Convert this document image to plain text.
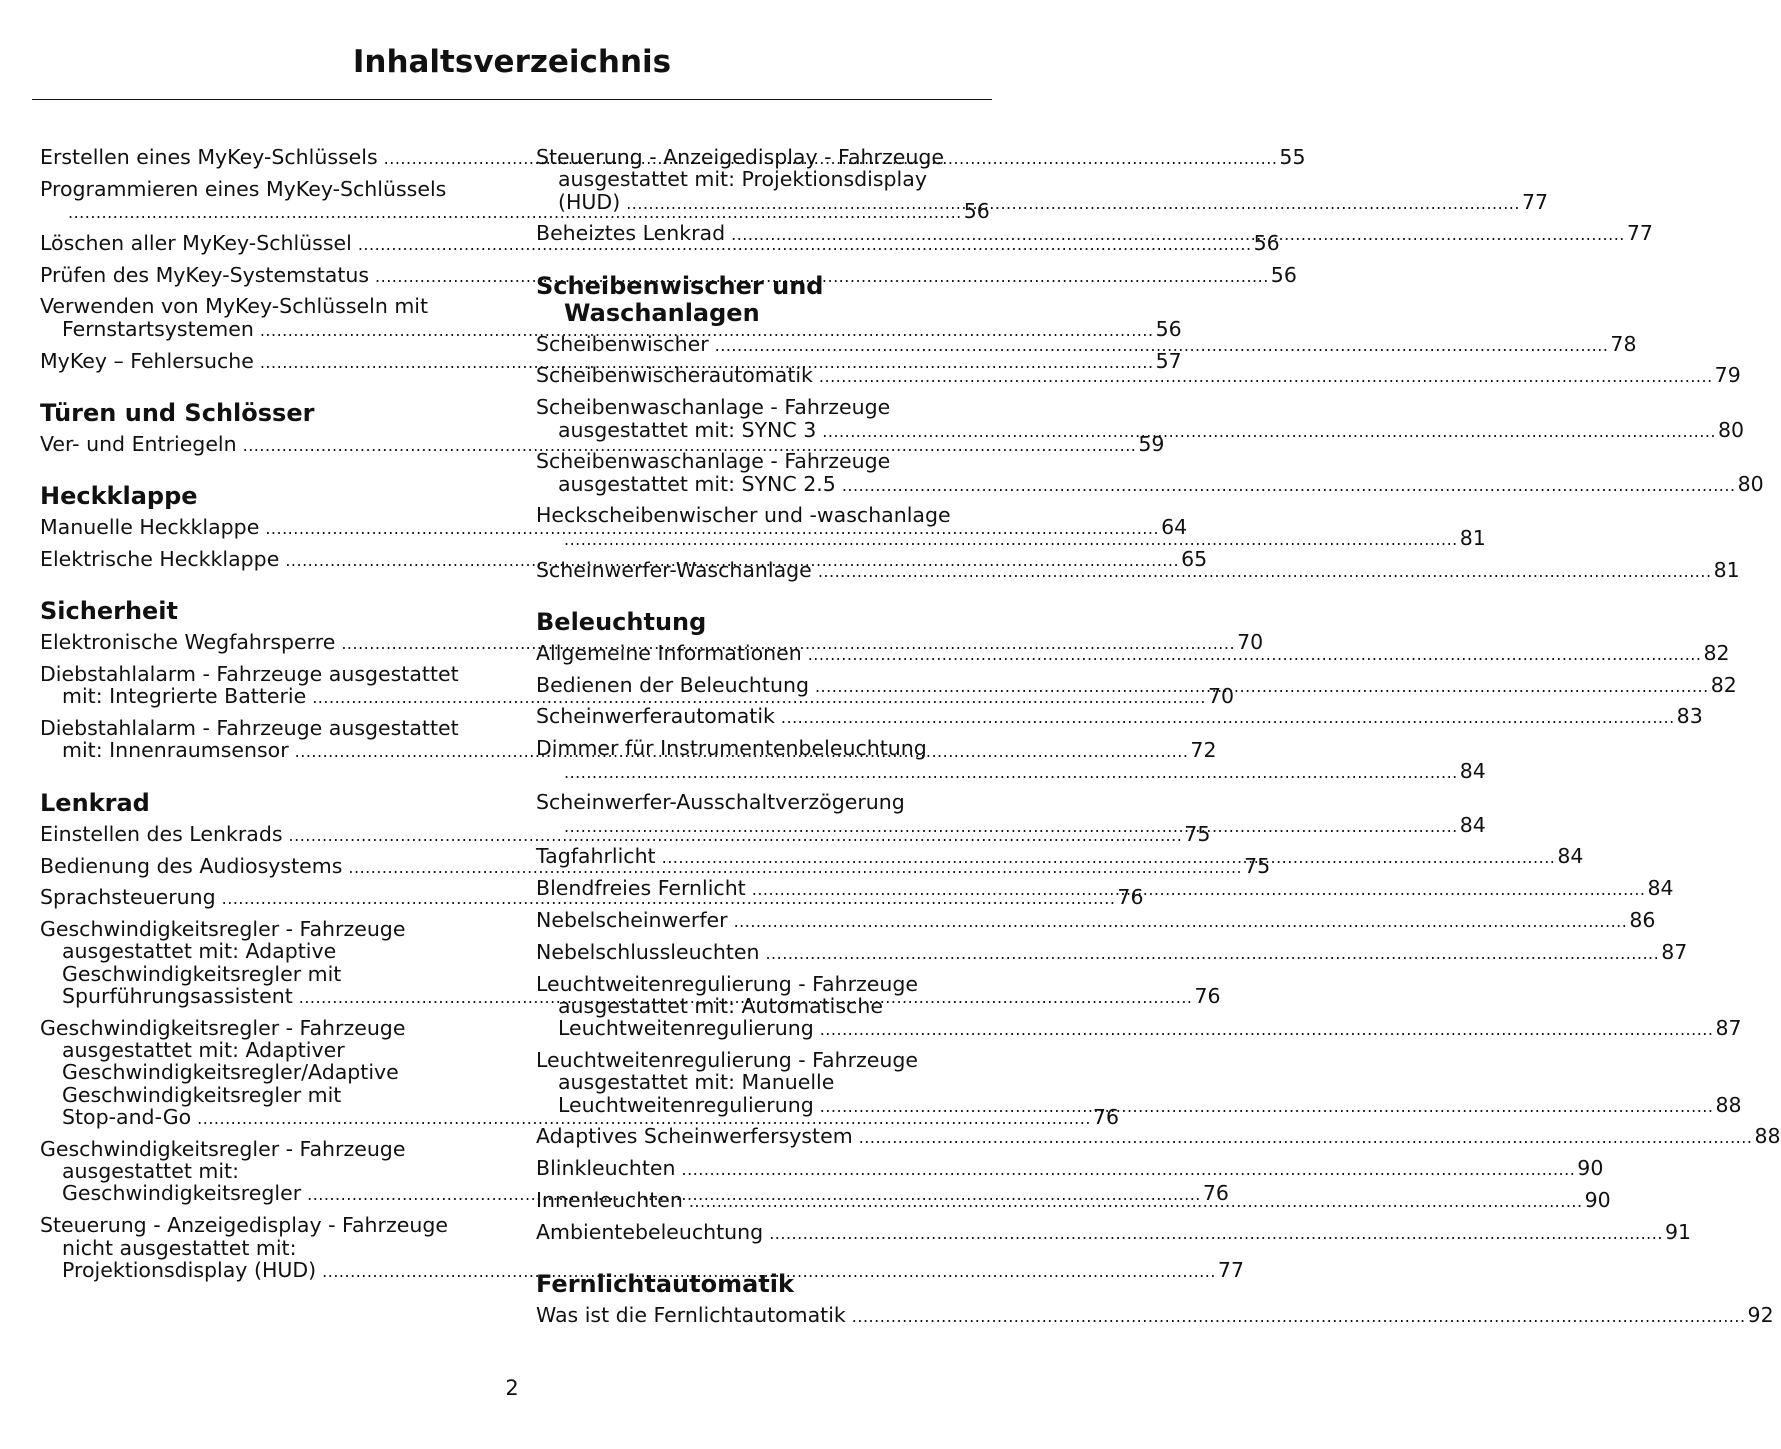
Inhaltsverzeichnis
Erstellen eines MyKey-Schlüssels .....	55
Programmieren eines MyKey-Schlüssels
.....56
Löschen aller MyKey-Schlüssel .....	56
Prüfen des MyKey-Systemstatus .....	56
Verwenden von MyKey-Schlüsseln mit
Fernstartsystemen .....	56
MyKey – Fehlersuche .....	57
Türen und Schlösser
Ver- und Entriegeln .....	59
Heckklappe
Manuelle Heckklappe .....	64
Elektrische Heckklappe .....	65
Sicherheit
Elektronische Wegfahrsperre .....	70
Diebstahlalarm - Fahrzeuge ausgestattet
mit: Integrierte Batterie .....	70
Diebstahlalarm - Fahrzeuge ausgestattet
mit: Innenraumsensor .....	72
Lenkrad
Einstellen des Lenkrads .....	75
Bedienung des Audiosystems .....	75
Sprachsteuerung .....	76
Geschwindigkeitsregler - Fahrzeuge
ausgestattet mit: Adaptive
Geschwindigkeitsregler mit
Spurführungsassistent .....	76
Geschwindigkeitsregler - Fahrzeuge
ausgestattet mit: Adaptiver
Geschwindigkeitsregler/Adaptive
Geschwindigkeitsregler mit
Stop-and-Go .....	76
Geschwindigkeitsregler - Fahrzeuge
ausgestattet mit:
Geschwindigkeitsregler .....	76
Steuerung - Anzeigedisplay - Fahrzeuge
nicht ausgestattet mit:
Projektionsdisplay (HUD) .....	77
Steuerung - Anzeigedisplay - Fahrzeuge
ausgestattet mit: Projektionsdisplay
(HUD) .....	77
Beheiztes Lenkrad .....	77
Scheibenwischer und
Waschanlagen
Scheibenwischer .....	78
Scheibenwischerautomatik .....	79
Scheibenwaschanlage - Fahrzeuge
ausgestattet mit: SYNC 3 .....	80
Scheibenwaschanlage - Fahrzeuge
ausgestattet mit: SYNC 2.5 .....	80
Heckscheibenwischer und -waschanlage
.....81
Scheinwerfer-Waschanlage .....	81
Beleuchtung
Allgemeine Informationen .....	82
Bedienen der Beleuchtung .....	82
Scheinwerferautomatik .....	83
Dimmer für Instrumentenbeleuchtung
.....84
Scheinwerfer-Ausschaltverzögerung
.....84
Tagfahrlicht .....	84
Blendfreies Fernlicht .....	84
Nebelscheinwerfer .....	86
Nebelschlussleuchten .....	87
Leuchtweitenregulierung - Fahrzeuge
ausgestattet mit: Automatische
Leuchtweitenregulierung .....	87
Leuchtweitenregulierung - Fahrzeuge
ausgestattet mit: Manuelle
Leuchtweitenregulierung .....	88
Adaptives Scheinwerfersystem .....	88
Blinkleuchten .....	90
Innenleuchten .....	90
Ambientebeleuchtung .....	91
Fernlichtautomatik
Was ist die Fernlichtautomatik .....	92
2
